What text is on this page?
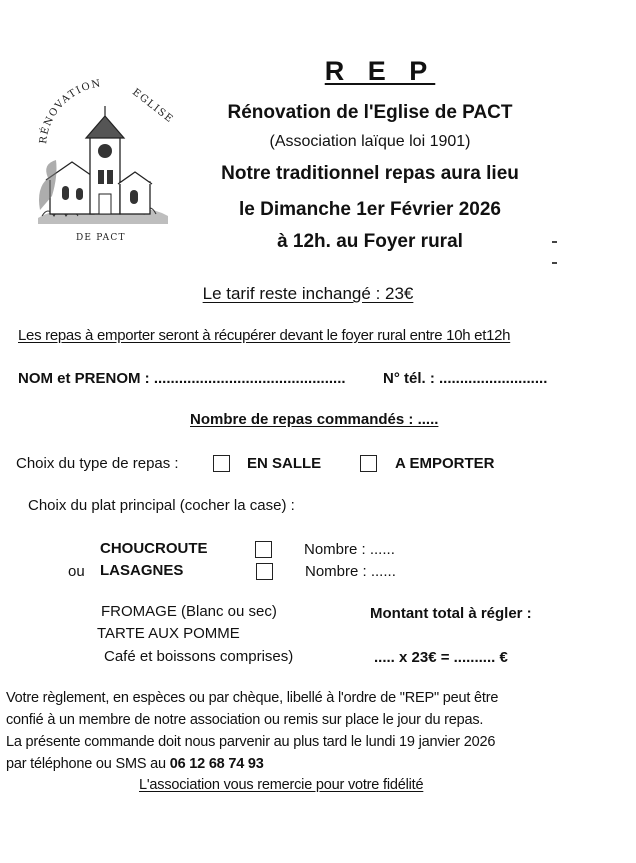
RÉNOVATION
EGLISE
DE PACT
R E P
Rénovation de l'Eglise de PACT
(Association laïque loi 1901)
Notre traditionnel repas aura lieu
le Dimanche 1er Février 2026
à 12h. au Foyer rural
Le tarif reste inchangé : 23€
Les repas à emporter seront à récupérer devant le foyer rural entre 10h et12h
NOM et PRENOM : .............................................. N° tél. : ..........................
Nombre de repas commandés : .....
Choix du type de repas :	EN SALLE	A EMPORTER
Choix du plat principal (cocher la case) :
CHOUCROUTE	Nombre : ......
ou LASAGNES	Nombre : ......
FROMAGE (Blanc ou sec)
TARTE AUX POMME
Café et boissons comprises)
Montant total à régler :
..... x 23€ = .......... €
Votre règlement, en espèces ou par chèque, libellé à l'ordre de "REP" peut être
confié à un membre de notre association ou remis sur place le jour du repas.
La présente commande doit nous parvenir au plus tard le lundi 19 janvier 2026
par téléphone ou SMS au 06 12 68 74 93
L'association vous remercie pour votre fidélité
